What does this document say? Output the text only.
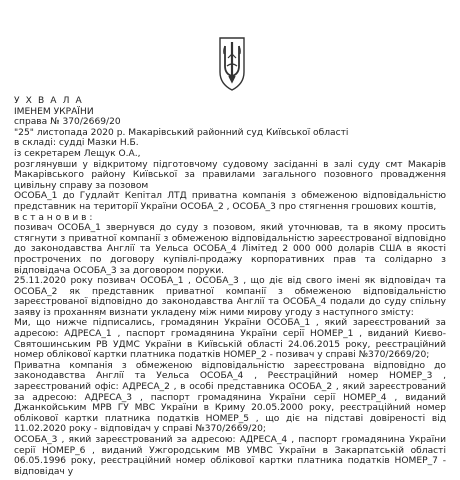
У Х В А Л А

ІМЕНЕМ УКРАЇНИ

справа № 370/2669/20

"25" листопада 2020 р. Макарівський районний суд Київської області

в складі: судді Мазки Н.Б.

із секретарем Лещук О.А.,

розглянувши у відкритому підготовчому судовому засіданні в залі суду смт Макарів Макарівського району Київської за правилами загального позовного провадження цивільну справу за позовом

ОСОБА_1 до Гудлайт Кепітал ЛТД приватна компанія з обмеженою відповідальністю представник на території України ОСОБА_2 , ОСОБА_3 про стягнення грошових коштів,

в с т а н о в и в :

позивач ОСОБА_1 звернувся до суду з позовом, який уточнював, та в якому просить стягнути з приватної компанії з обмеженою відповідальністю зареєстрованої відповідно до законодавства Англії та Уельса ОСОБА_4 Лімітед 2 000 000 доларів США в якості прострочених по договору купівлі-продажу корпоративних прав та солідарно з відповідача ОСОБА_3 за договором поруки.

25.11.2020 року позивач ОСОБА_1 , ОСОБА_3 , що діє від свого імені як відповідач та ОСОБА_2 як представник приватної компанії з обмеженою відповідальністю зареєстрованої відповідно до законодавства Англії та ОСОБА_4 подали до суду спільну заяву із проханням визнати укладену між ними мирову угоду з наступного змісту:

Ми, що нижче підписались, громадянин України ОСОБА_1 , який зареєстрований за адресою: АДРЕСА_1 , паспорт громадянина України серії НОМЕР_1 , виданий Києво-Святошинським РВ УДМС України в Київській області 24.06.2015 року, реєстраційний номер облікової картки платника податків НОМЕР_2 - позивач у справі №370/2669/20;

Приватна компанія з обмеженою відповідальністю зареєстрована відповідно до законодавства Англії та Уельса ОСОБА_4 , Реєстраційний номер НОМЕР_3 , зареєстрований офіс: АДРЕСА_2 , в особі представника ОСОБА_2 , який зареєстрований за адресою: АДРЕСА_3 , паспорт громадянина України серії НОМЕР_4 , виданий Джанкойським МРВ ГУ МВС України в Криму 20.05.2000 року, реєстраційний номер облікової картки платника податків НОМЕР_5 , що діє на підставі довіреності від 11.02.2020 року - відповідач у справі №370/2669/20;

ОСОБА_3 , який зареєстрований за адресою: АДРЕСА_4 , паспорт громадянина України серії НОМЕР_6 , виданий Ужгородським МВ УМВС України в Закарпатській області 06.05.1996 року, реєстраційний номер облікової картки платника податків НОМЕР_7 - відповідач у
